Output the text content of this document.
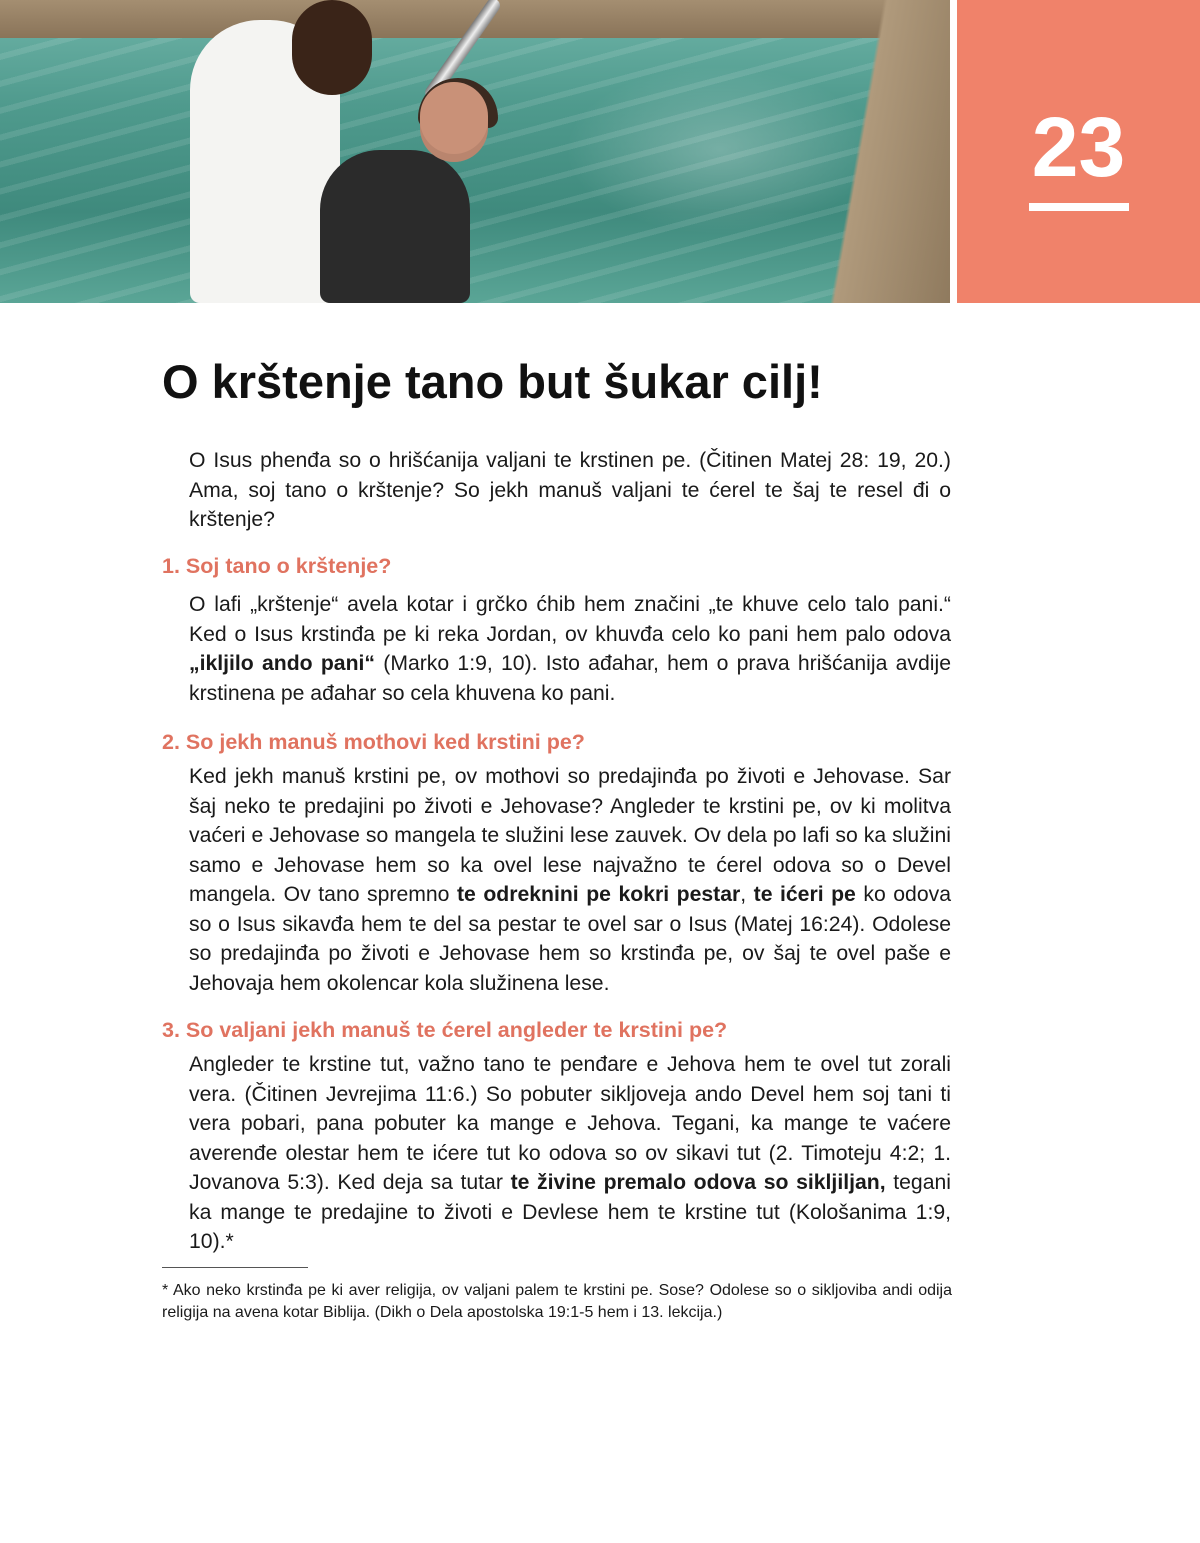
23
O krštenje tano but šukar cilj!

O Isus phenđa so o hrišćanija valjani te krstinen pe. (Čitinen Matej 28: 19, 20.) Ama, soj tano o krštenje? So jekh manuš valjani te ćerel te šaj te resel đi o krštenje?

1. Soj tano o krštenje?

O lafi „krštenje“ avela kotar i grčko ćhib hem značini „te khuve celo talo pani.“ Ked o Isus krstinđa pe ki reka Jordan, ov khuvđa celo ko pani hem palo odova „ikljilo ando pani“ (Marko 1:9, 10). Isto ađahar, hem o prava hrišćanija avdije krstinena pe ađahar so cela khuvena ko pani.

2. So jekh manuš mothovi ked krstini pe?

Ked jekh manuš krstini pe, ov mothovi so predajinđa po životi e Jehovase. Sar šaj neko te predajini po životi e Jehovase? Angleder te krstini pe, ov ki molitva vaćeri e Jehovase so mangela te služini lese zauvek. Ov dela po lafi so ka služini samo e Jehovase hem so ka ovel lese najvažno te ćerel odova so o Devel mangela. Ov tano spremno te odreknini pe kokri pestar, te ićeri pe ko odova so o Isus sikavđa hem te del sa pestar te ovel sar o Isus (Matej 16:24). Odolese so predajinđa po životi e Jehovase hem so krstinđa pe, ov šaj te ovel paše e Jehovaja hem okolencar kola služinena lese.

3. So valjani jekh manuš te ćerel angleder te krstini pe?

Angleder te krstine tut, važno tano te penđare e Jehova hem te ovel tut zorali vera. (Čitinen Jevrejima 11:6.) So pobuter sikljoveja ando Devel hem soj tani ti vera pobari, pana pobuter ka mange e Jehova. Tegani, ka mange te vaćere averenđe olestar hem te ićere tut ko odova so ov sikavi tut (2. Timoteju 4:2; 1. Jovanova 5:3). Ked deja sa tutar te živine premalo odova so sikljiljan, tegani ka mange te predajine to životi e Devlese hem te krstine tut (Kološanima 1:9, 10).*

* Ako neko krstinđa pe ki aver religija, ov valjani palem te krstini pe. Sose? Odolese so o sikljoviba andi odija religija na avena kotar Biblija. (Dikh o Dela apostolska 19:1-5 hem i 13. lekcija.)
